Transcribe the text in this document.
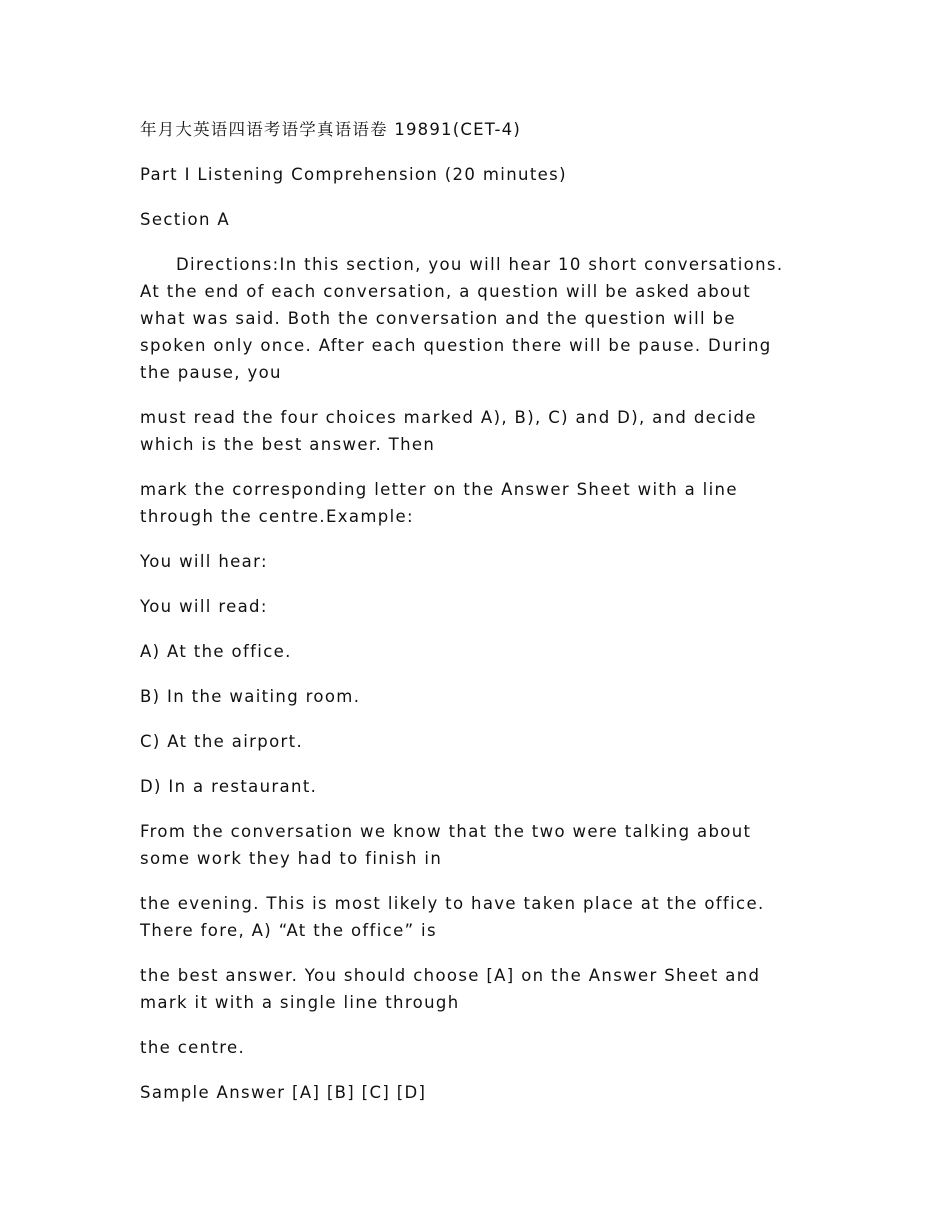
年月大英语四语考语学真语语卷 19891(CET-4)

Part I Listening Comprehension (20 minutes)

Section A

Directions:In this section, you will hear 10 short conversations. At the end of each conversation, a question will be asked about what was said. Both the conversation and the question will be spoken only once. After each question there will be pause. During the pause, you

must read the four choices marked A), B), C) and D), and decide which is the best answer. Then

mark the corresponding letter on the Answer Sheet with a line through the centre.Example:

You will hear:

You will read:

A) At the office.

B) In the waiting room.

C) At the airport.

D) In a restaurant.

From the conversation we know that the two were talking about some work they had to finish in

the evening. This is most likely to have taken place at the office. There fore, A) “At the office” is

the best answer. You should choose [A] on the Answer Sheet and mark it with a single line through

the centre.

Sample Answer [A] [B] [C] [D]
